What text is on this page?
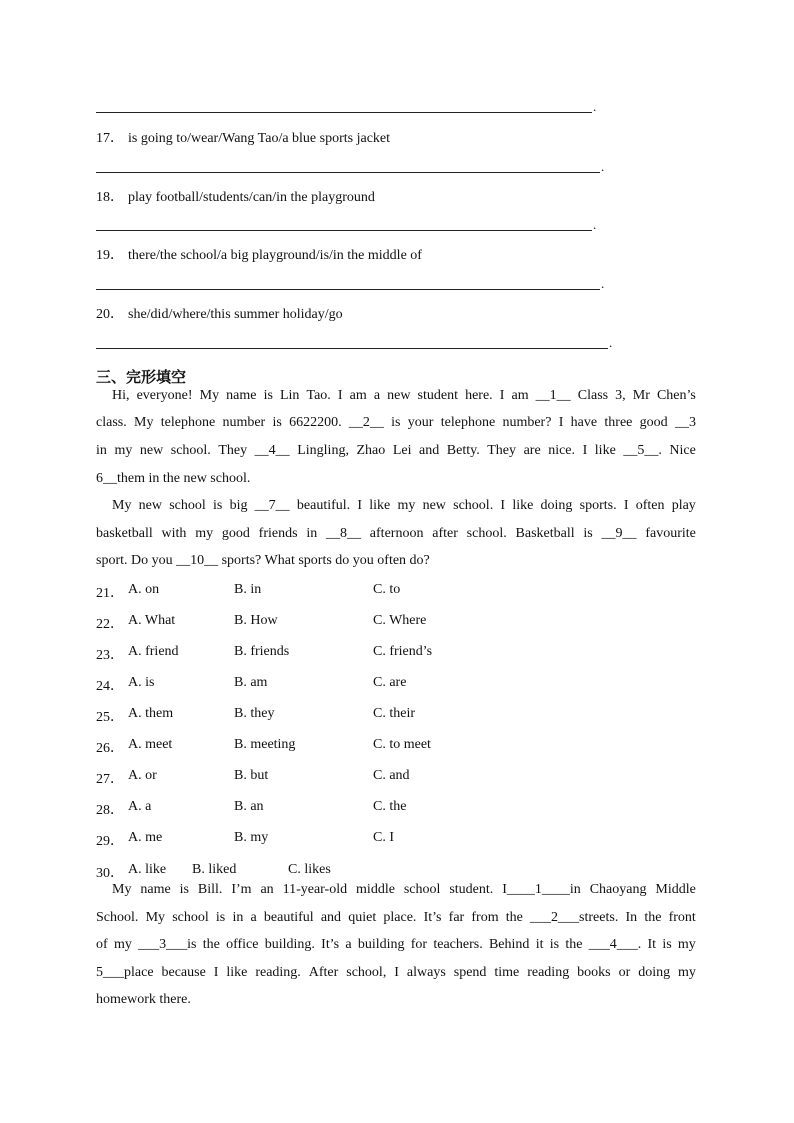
.
17． is going to/wear/Wang Tao/a blue sports jacket
.
18． play football/students/can/in the playground
.
19． there/the school/a big playground/is/in the middle of
.
20． she/did/where/this summer holiday/go
.
三、完形填空
Hi, everyone! My name is Lin Tao. I am a new student here. I am __1__ Class 3, Mr Chen’s
class. My telephone number is 6622200. __2__ is your telephone number? I have three good __3
in my new school. They __4__ Lingling, Zhao Lei and Betty. They are nice. I like __5__. Nice
6__them in the new school.
My new school is big __7__ beautiful. I like my new school. I like doing sports. I often play
basketball with my good friends in __8__ afternoon after school. Basketball is __9__ favourite
sport. Do you __10__ sports? What sports do you often do?
21． A. on	B. in	C. to
22． A. What	B. How	C. Where
23． A. friend	B. friends	C. friend’s
24． A. is	B. am	C. are
25． A. them	B. they	C. their
26． A. meet	B. meeting	C. to meet
27． A. or	B. but	C. and
28． A. a	B. an	C. the
29． A. me	B. my	C. I
30． A. like B. liked	C. likes
My name is Bill. I’m an 11-year-old middle school student. I____1____in Chaoyang Middle
School. My school is in a beautiful and quiet place. It’s far from the ___2___streets. In the front
of my ___3___is the office building. It’s a building for teachers. Behind it is the ___4___. It is my
5___place because I like reading. After school, I always spend time reading books or doing my
homework there.
